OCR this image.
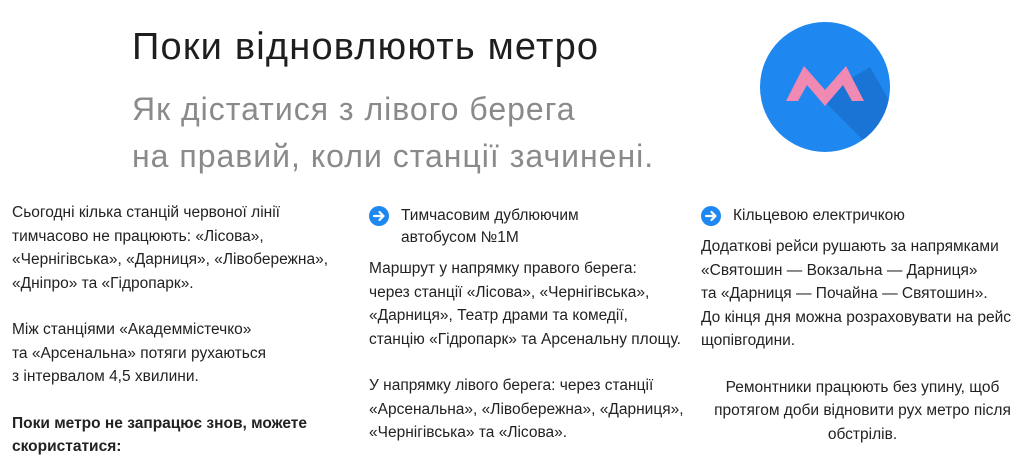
Поки відновлюють метро
Як дістатися з лівого берега
на правий, коли станції зачинені.

Сьогодні кілька станцій червоної лінії
тимчасово не працюють: «Лісова»,
«Чернігівська», «Дарниця», «Лівобережна»,
«Дніпро» та «Гідропарк».

Між станціями «Академмістечко»
та «Арсенальна» потяги рухаються
з інтервалом 4,5 хвилини.

Поки метро не запрацює знов, можете
скористатися:

Тимчасовим дублюючим
автобусом №1М

Маршрут у напрямку правого берега:
через станції «Лісова», «Чернігівська»,
«Дарниця», Театр драми та комедії,
станцію «Гідропарк» та Арсенальну площу.

У напрямку лівого берега: через станції
«Арсенальна», «Лівобережна», «Дарниця»,
«Чернігівська» та «Лісова».

Кільцевою електричкою

Додаткові рейси рушають за напрямками
«Святошин — Вокзальна — Дарниця»
та «Дарниця — Почайна — Святошин».
До кінця дня можна розраховувати на рейс
щопівгодини.

Ремонтники працюють без упину, щоб
протягом доби відновити рух метро після
обстрілів.
